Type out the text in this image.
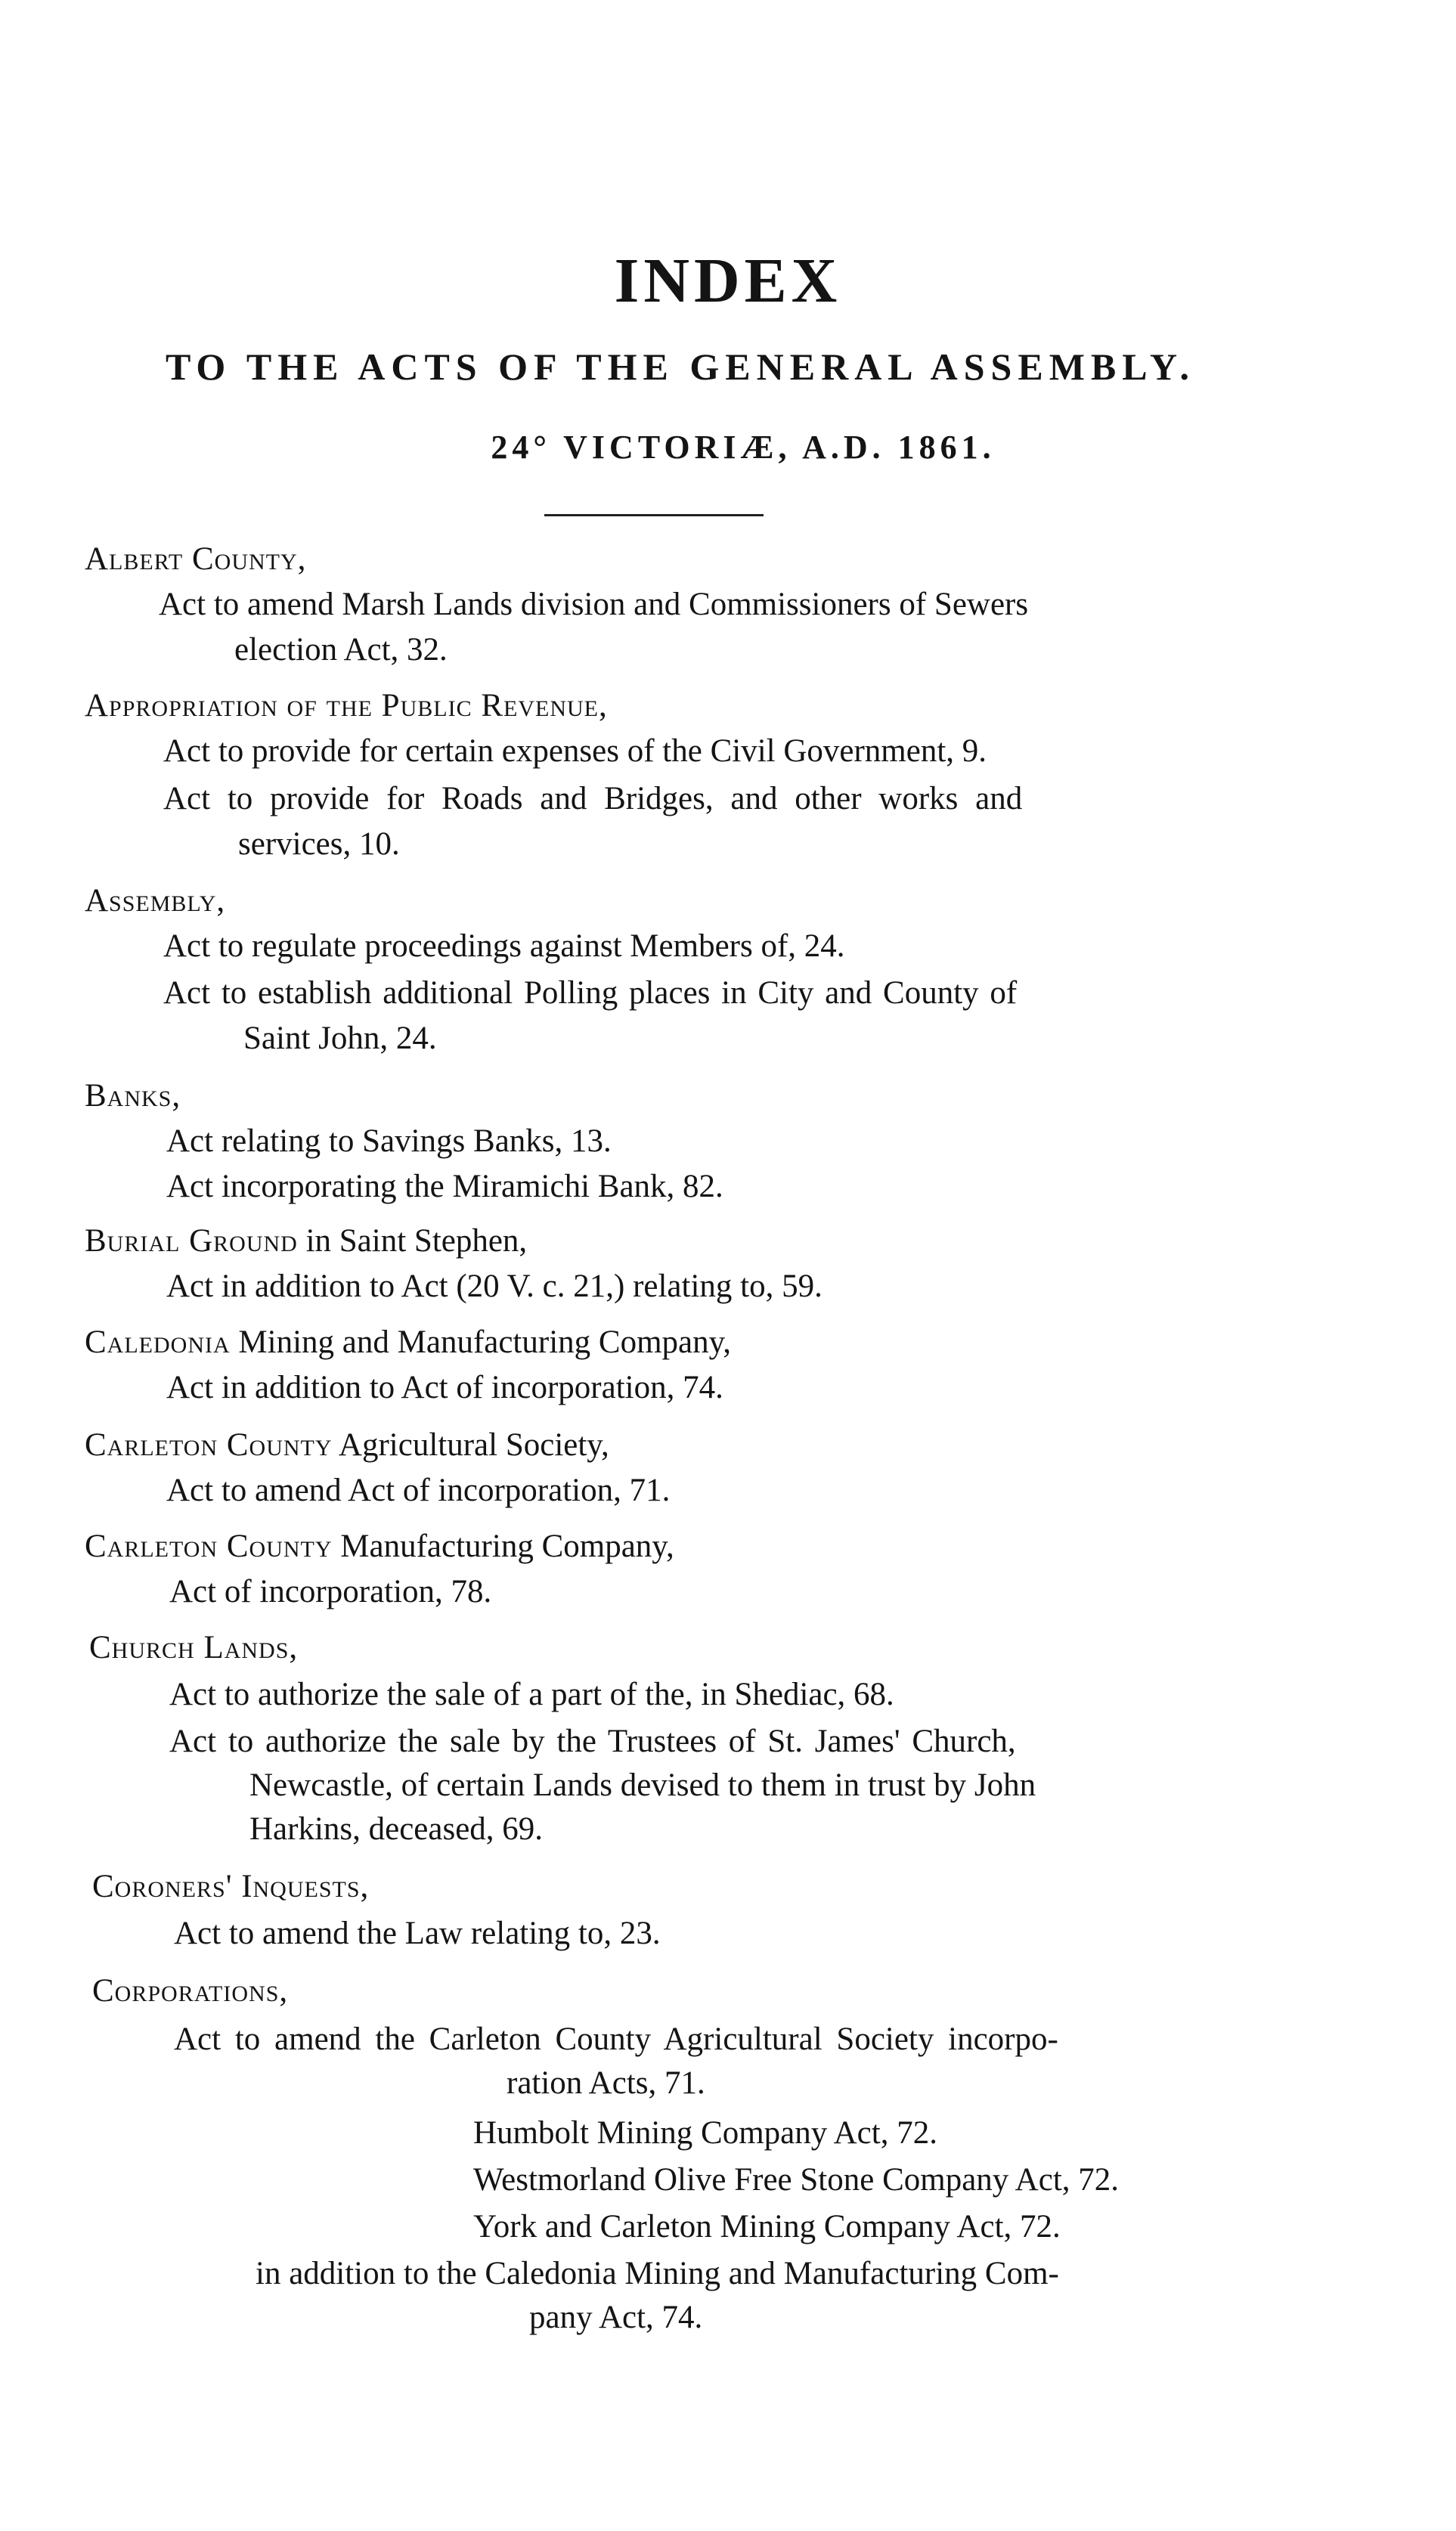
INDEX
TO THE ACTS OF THE GENERAL ASSEMBLY.
24° VICTORIÆ, A.D. 1861.
Albert County,
Act to amend Marsh Lands division and Commissioners of Sewers
election Act, 32.
Appropriation of the Public Revenue,
Act to provide for certain expenses of the Civil Government, 9.
Act to provide for Roads and Bridges, and other works and
services, 10.
Assembly,
Act to regulate proceedings against Members of, 24.
Act to establish additional Polling places in City and County of
Saint John, 24.
Banks,
Act relating to Savings Banks, 13.
Act incorporating the Miramichi Bank, 82.
Burial Ground in Saint Stephen,
Act in addition to Act (20 V. c. 21,) relating to, 59.
Caledonia Mining and Manufacturing Company,
Act in addition to Act of incorporation, 74.
Carleton County Agricultural Society,
Act to amend Act of incorporation, 71.
Carleton County Manufacturing Company,
Act of incorporation, 78.
Church Lands,
Act to authorize the sale of a part of the, in Shediac, 68.
Act to authorize the sale by the Trustees of St. James' Church,
Newcastle, of certain Lands devised to them in trust by John
Harkins, deceased, 69.
Coroners' Inquests,
Act to amend the Law relating to, 23.
Corporations,
Act to amend the Carleton County Agricultural Society incorpo-
ration Acts, 71.
Humbolt Mining Company Act, 72.
Westmorland Olive Free Stone Company Act, 72.
York and Carleton Mining Company Act, 72.
in addition to the Caledonia Mining and Manufacturing Com-
pany Act, 74.
